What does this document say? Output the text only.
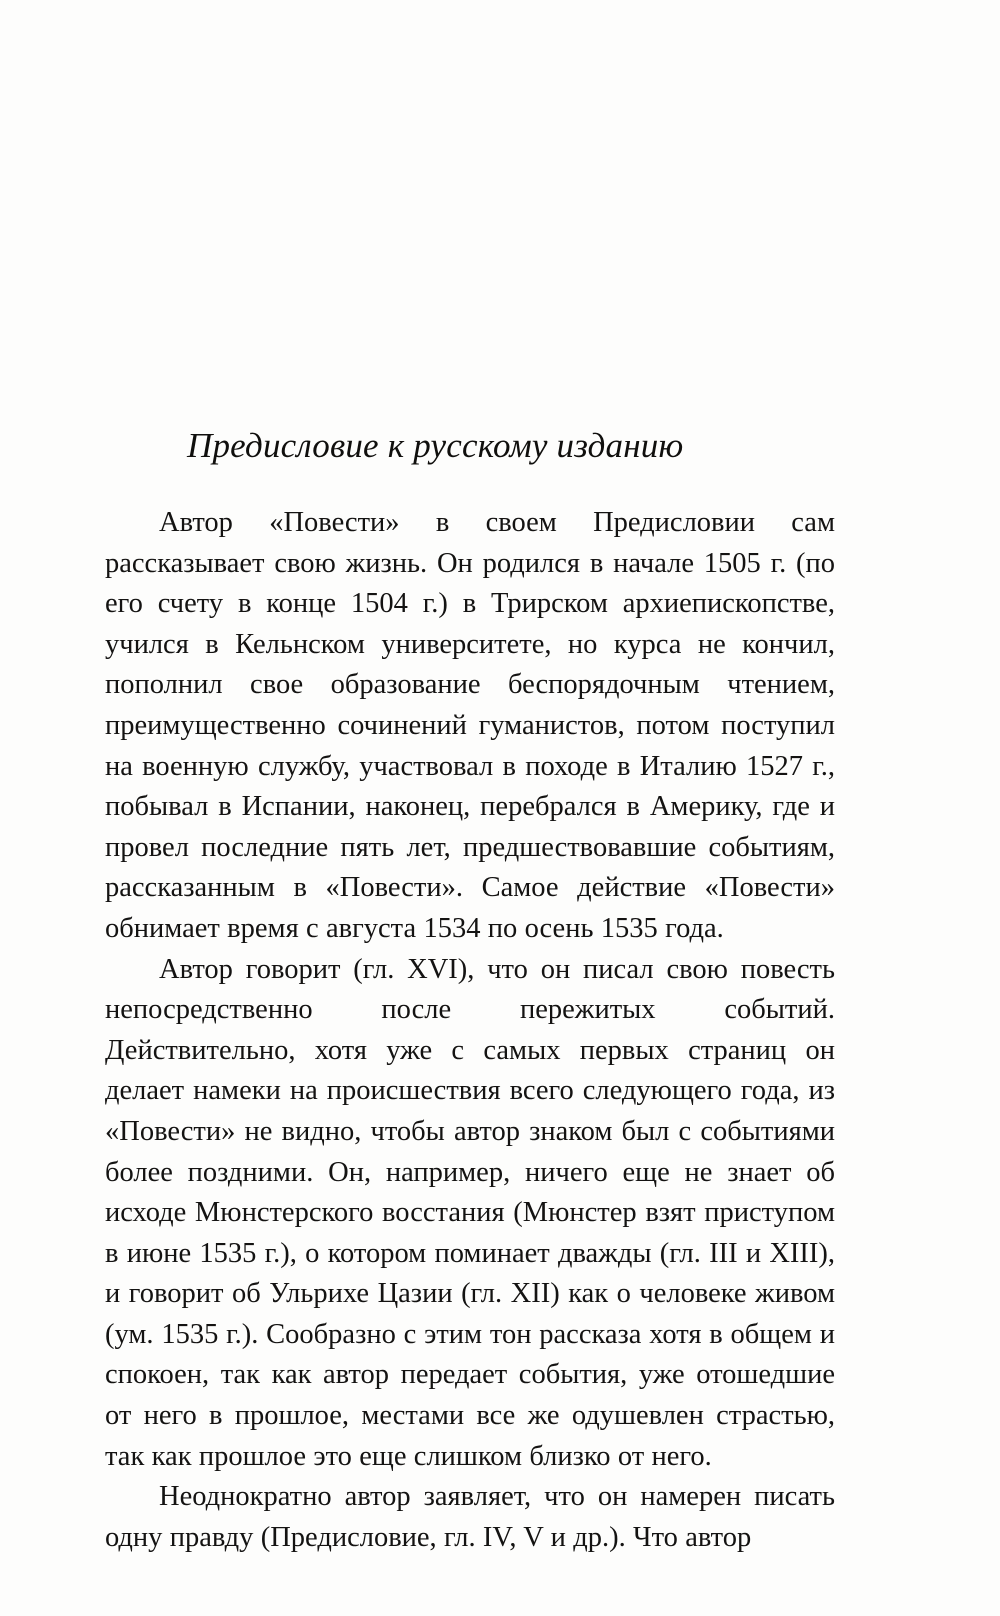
Предисловие к русскому изданию

Автор «Повести» в своем Предисловии сам рассказывает свою жизнь. Он родился в начале 1505 г. (по его счету в конце 1504 г.) в Трирском архиепископстве, учился в Кельнском университете, но курса не кончил, пополнил свое образование беспорядочным чтением, преимущественно сочинений гуманистов, потом поступил на военную службу, участвовал в походе в Италию 1527 г., побывал в Испании, наконец, перебрался в Америку, где и провел последние пять лет, предшествовавшие событиям, рассказанным в «Повести». Самое действие «Повести» обнимает время с августа 1534 по осень 1535 года.

Автор говорит (гл. XVI), что он писал свою повесть непосредственно после пережитых событий. Действительно, хотя уже с самых первых страниц он делает намеки на происшествия всего следующего года, из «Повести» не видно, чтобы автор знаком был с событиями более поздними. Он, например, ничего еще не знает об исходе Мюнстерского восстания (Мюнстер взят приступом в июне 1535 г.), о котором поминает дважды (гл. III и XIII), и говорит об Ульрихе Цазии (гл. XII) как о человеке живом (ум. 1535 г.). Сообразно с этим тон рассказа хотя в общем и спокоен, так как автор передает события, уже отошедшие от него в прошлое, местами все же одушевлен страстью, так как прошлое это еще слишком близко от него.

Неоднократно автор заявляет, что он намерен писать одну правду (Предисловие, гл. IV, V и др.). Что автор
